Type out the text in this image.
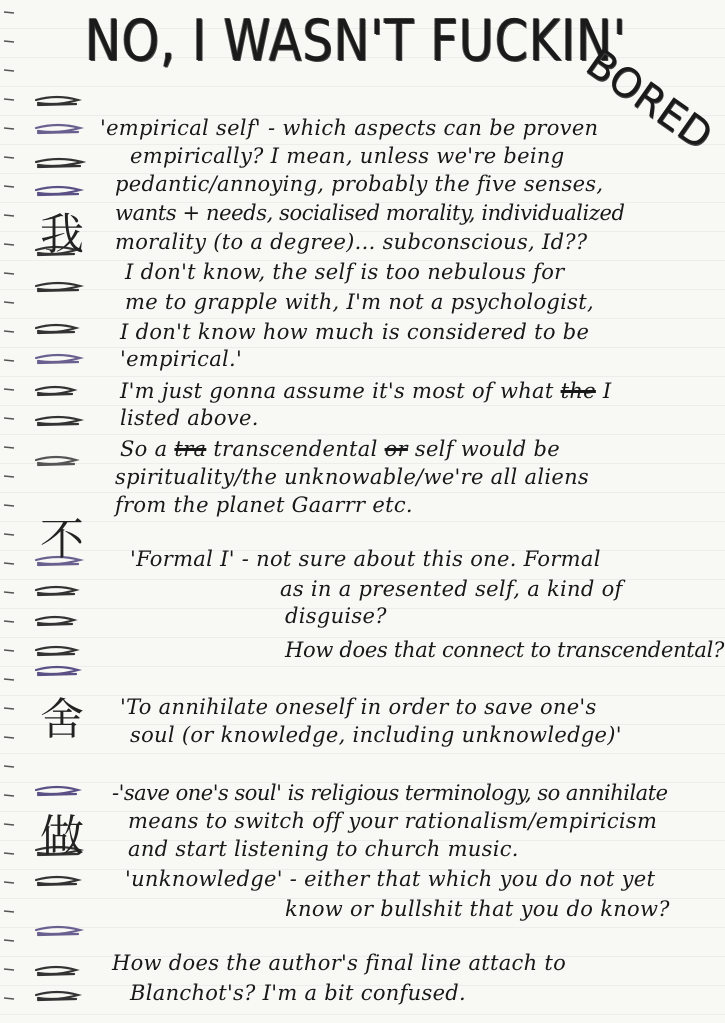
NO, I WASN'T FUCKIN'
BORED
我
不
舍
做
'empirical self' - which aspects can be proven
empirically? I mean, unless we're being
pedantic/annoying, probably the five senses,
wants + needs, socialised morality, individualized
morality (to a degree)... subconscious, Id??
I don't know, the self is too nebulous for
me to grapple with, I'm not a psychologist,
I don't know how much is considered to be
'empirical.'
I'm just gonna assume it's most of what the I
listed above.
So a tra transcendental or self would be
spirituality/the unknowable/we're all aliens
from the planet Gaarrr etc.
'Formal I' - not sure about this one. Formal
as in a presented self, a kind of
disguise?
How does that connect to transcendental?
'To annihilate oneself in order to save one's
soul (or knowledge, including unknowledge)'
-'save one's soul' is religious terminology, so annihilate
means to switch off your rationalism/empiricism
and start listening to church music.
'unknowledge' - either that which you do not yet
know or bullshit that you do know?
How does the author's final line attach to
Blanchot's? I'm a bit confused.
